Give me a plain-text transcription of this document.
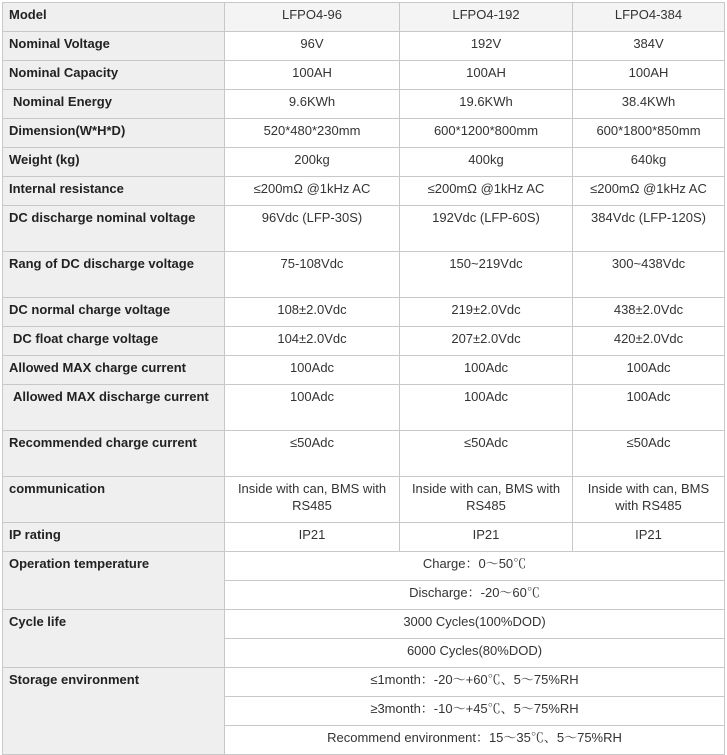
Model	LFPO4-96	LFPO4-192	LFPO4-384
Nominal Voltage	96V	192V	384V
Nominal Capacity	100AH	100AH	100AH
Nominal Energy	9.6KWh	19.6KWh	38.4KWh
Dimension(W*H*D)	520*480*230mm	600*1200*800mm	600*1800*850mm
Weight (kg)	200kg	400kg	640kg
Internal resistance	≤200mΩ @1kHz AC	≤200mΩ @1kHz AC	≤200mΩ @1kHz AC
DC discharge nominal voltage	96Vdc (LFP-30S)	192Vdc (LFP-60S)	384Vdc (LFP-120S)
Rang of DC discharge voltage	75-108Vdc	150~219Vdc	300~438Vdc
DC normal charge voltage	108±2.0Vdc	219±2.0Vdc	438±2.0Vdc
DC float charge voltage	104±2.0Vdc	207±2.0Vdc	420±2.0Vdc
Allowed MAX charge current	100Adc	100Adc	100Adc
Allowed MAX discharge current	100Adc	100Adc	100Adc
Recommended charge current	≤50Adc	≤50Adc	≤50Adc
communication	Inside with can, BMS with RS485	Inside with can, BMS with RS485	Inside with can, BMS with RS485
IP rating	IP21	IP21	IP21
Operation temperature	Charge：0～50℃		
	Discharge：-20～60℃		
Cycle life	3000 Cycles(100%DOD)		
	6000 Cycles(80%DOD)		
Storage environment	≤1month：-20～+60℃、5～75%RH		
	≥3month：-10～+45℃、5～75%RH		
	Recommend environment：15～35℃、5～75%RH		
